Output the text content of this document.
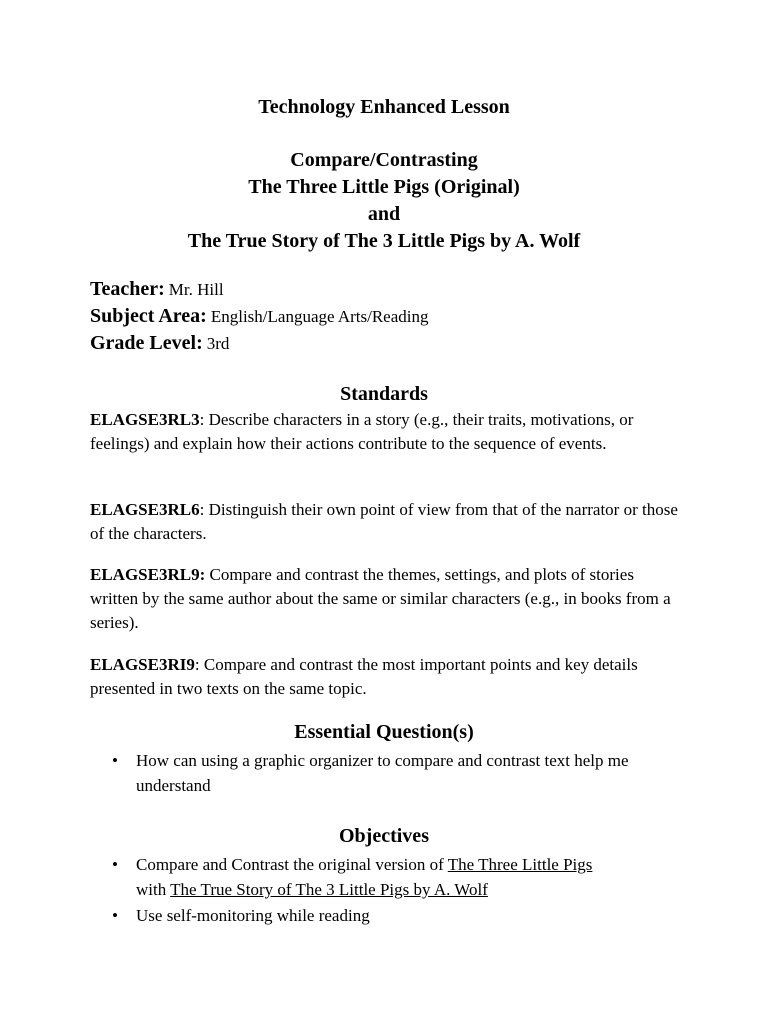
Technology Enhanced Lesson
Compare/Contrasting
The Three Little Pigs (Original)
and
The True Story of The 3 Little Pigs by A. Wolf
Teacher: Mr. Hill
Subject Area: English/Language Arts/Reading
Grade Level: 3rd
Standards
ELAGSE3RL3: Describe characters in a story (e.g., their traits, motivations, or feelings) and explain how their actions contribute to the sequence of events.
ELAGSE3RL6: Distinguish their own point of view from that of the narrator or those of the characters.
ELAGSE3RL9: Compare and contrast the themes, settings, and plots of stories written by the same author about the same or similar characters (e.g., in books from a series).
ELAGSE3RI9: Compare and contrast the most important points and key details presented in two texts on the same topic.
Essential Question(s)
• How can using a graphic organizer to compare and contrast text help me understand
Objectives
• Compare and Contrast the original version of The Three Little Pigs
with The True Story of The 3 Little Pigs by A. Wolf
• Use self-monitoring while reading
